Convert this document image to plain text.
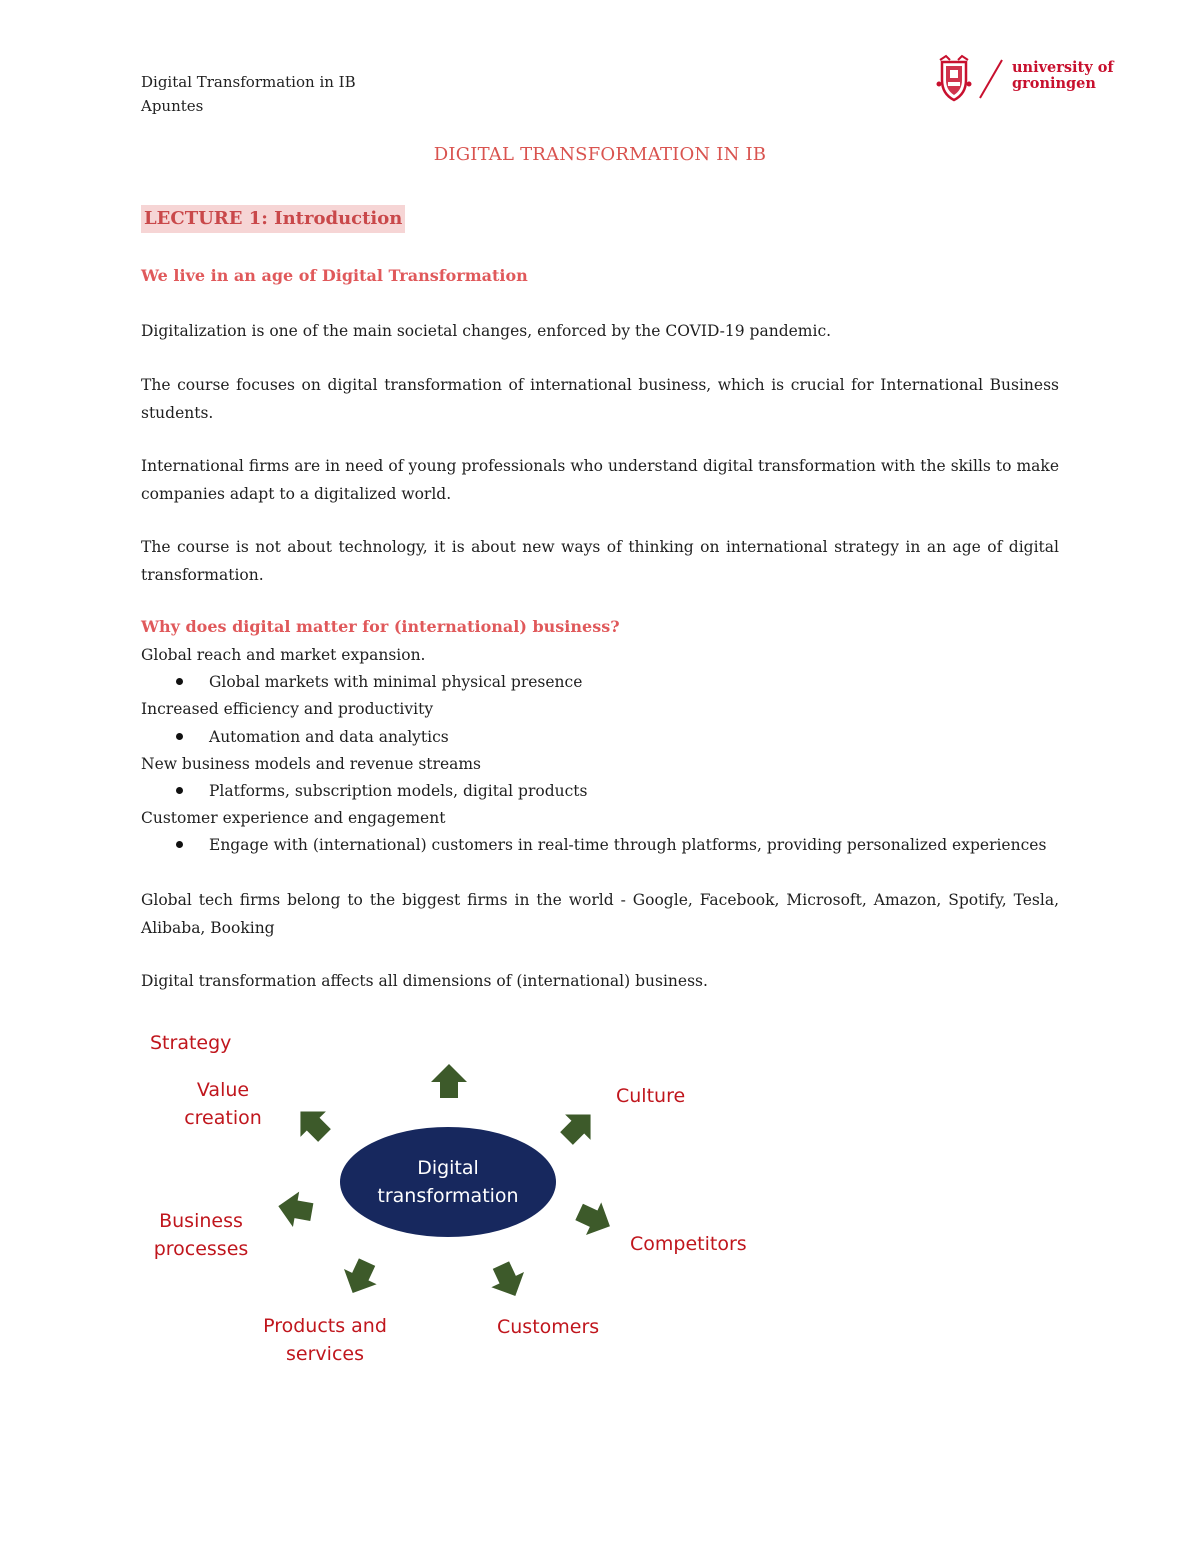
Digital Transformation in IB
Apuntes
university of
groningen
DIGITAL TRANSFORMATION IN IB
LECTURE 1: Introduction
We live in an age of Digital Transformation
Digitalization is one of the main societal changes, enforced by the COVID-19 pandemic.
The course focuses on digital transformation of international business, which is crucial for International Business students.
International firms are in need of young professionals who understand digital transformation with the skills to make companies adapt to a digitalized world.
The course is not about technology, it is about new ways of thinking on international strategy in an age of digital transformation.
Why does digital matter for (international) business?
Global reach and market expansion.
Global markets with minimal physical presence
Increased efficiency and productivity
Automation and data analytics
New business models and revenue streams
Platforms, subscription models, digital products
Customer experience and engagement
Engage with (international) customers in real-time through platforms, providing personalized experiences
Global tech firms belong to the biggest firms in the world - Google, Facebook, Microsoft, Amazon, Spotify, Tesla, Alibaba, Booking
Digital transformation affects all dimensions of (international) business.
Digital
transformation
Strategy
Value
creation
Culture
Business
processes	Competitors
Products and
services
Customers
